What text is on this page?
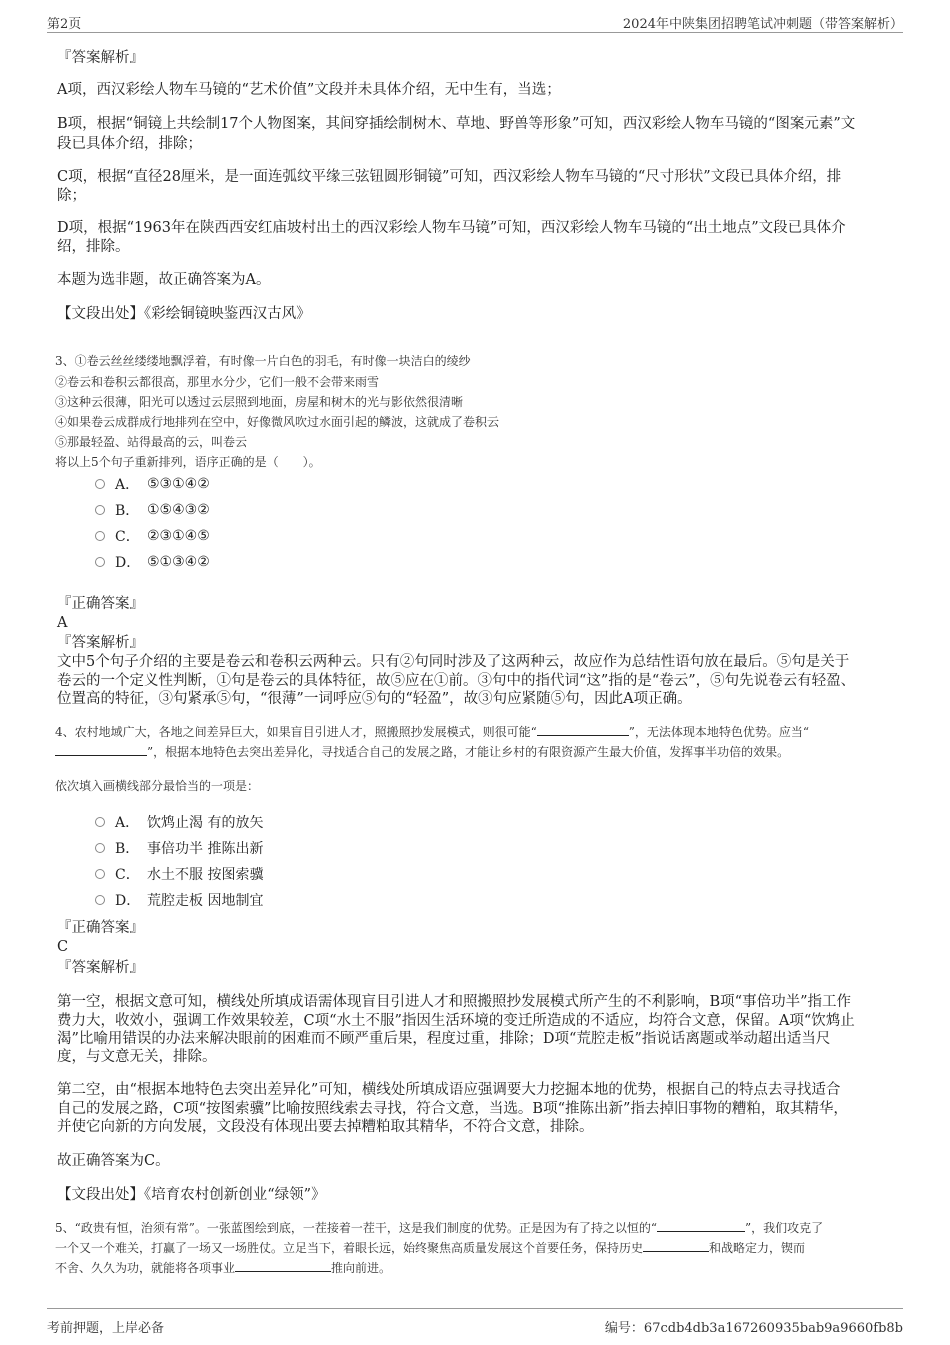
第2页	2024年中陕集团招聘笔试冲刺题（带答案解析）
『答案解析』
A项，西汉彩绘人物车马镜的“艺术价值”文段并未具体介绍，无中生有，当选；
B项，根据“铜镜上共绘制17个人物图案，其间穿插绘制树木、草地、野兽等形象”可知，西汉彩绘人物车马镜的“图案元素”文
段已具体介绍，排除；
C项，根据“直径28厘米，是一面连弧纹平缘三弦钮圆形铜镜”可知，西汉彩绘人物车马镜的“尺寸形状”文段已具体介绍，排
除；
D项，根据“1963年在陕西西安红庙坡村出土的西汉彩绘人物车马镜”可知，西汉彩绘人物车马镜的“出土地点”文段已具体介
绍，排除。
本题为选非题，故正确答案为A。
【文段出处】《彩绘铜镜映鉴西汉古风》
3、①卷云丝丝缕缕地飘浮着，有时像一片白色的羽毛，有时像一块洁白的绫纱
②卷云和卷积云都很高，那里水分少，它们一般不会带来雨雪
③这种云很薄，阳光可以透过云层照到地面，房屋和树木的光与影依然很清晰
④如果卷云成群成行地排列在空中，好像微风吹过水面引起的鳞波，这就成了卷积云
⑤那最轻盈、站得最高的云，叫卷云
将以上5个句子重新排列，语序正确的是（　　）。
A． ⑤③①④②
B． ①⑤④③②
C． ②③①④⑤
D． ⑤①③④②
『正确答案』
A
『答案解析』
文中5个句子介绍的主要是卷云和卷积云两种云。只有②句同时涉及了这两种云，故应作为总结性语句放在最后。⑤句是关于
卷云的一个定义性判断，①句是卷云的具体特征，故⑤应在①前。③句中的指代词“这”指的是“卷云”，⑤句先说卷云有轻盈、
位置高的特征，③句紧承⑤句，“很薄”一词呼应⑤句的“轻盈”，故③句应紧随⑤句，因此A项正确。
4、农村地域广大，各地之间差异巨大，如果盲目引进人才，照搬照抄发展模式，则很可能“	”，无法体现本地特色优势。应当“
”，根据本地特色去突出差异化，寻找适合自己的发展之路，才能让乡村的有限资源产生最大价值，发挥事半功倍的效果。
依次填入画横线部分最恰当的一项是：
A． 饮鸩止渴 有的放矢
B． 事倍功半 推陈出新
C． 水土不服 按图索骥
D． 荒腔走板 因地制宜
『正确答案』
C
『答案解析』
第一空，根据文意可知，横线处所填成语需体现盲目引进人才和照搬照抄发展模式所产生的不利影响，B项“事倍功半”指工作
费力大，收效小，强调工作效果较差，C项“水土不服”指因生活环境的变迁所造成的不适应，均符合文意，保留。A项“饮鸩止
渴”比喻用错误的办法来解决眼前的困难而不顾严重后果，程度过重，排除；D项“荒腔走板”指说话离题或举动超出适当尺
度，与文意无关，排除。
第二空，由“根据本地特色去突出差异化”可知，横线处所填成语应强调要大力挖掘本地的优势，根据自己的特点去寻找适合
自己的发展之路，C项“按图索骥”比喻按照线索去寻找，符合文意，当选。B项“推陈出新”指去掉旧事物的糟粕，取其精华，
并使它向新的方向发展，文段没有体现出要去掉糟粕取其精华，不符合文意，排除。
故正确答案为C。
【文段出处】《培育农村创新创业“绿领”》
5、“政贵有恒，治须有常”。一张蓝图绘到底，一茬接着一茬干，这是我们制度的优势。正是因为有了持之以恒的“	”，我们攻克了
一个又一个难关，打赢了一场又一场胜仗。立足当下，着眼长远，始终聚焦高质量发展这个首要任务，保持历史	和战略定力，锲而
不舍、久久为功，就能将各项事业	推向前进。
考前押题，上岸必备	编号：67cdb4db3a167260935bab9a9660fb8b
